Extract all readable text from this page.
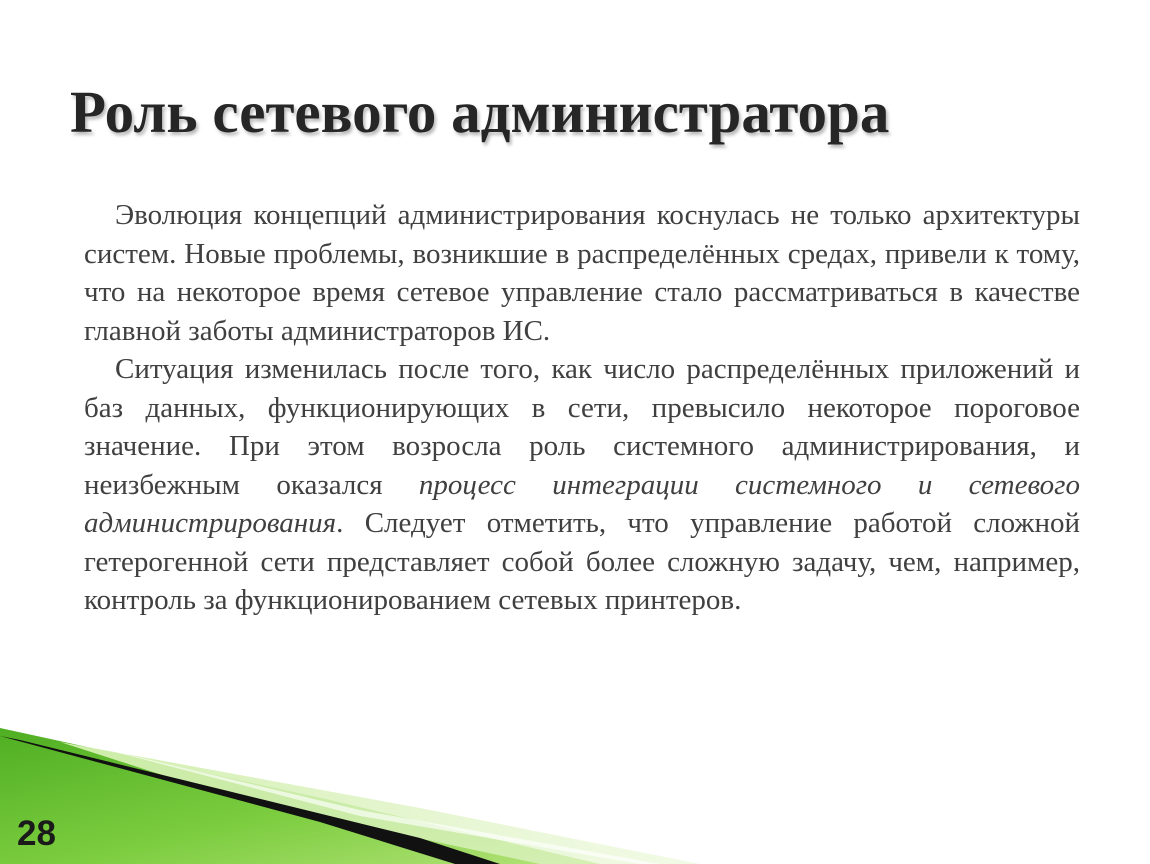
Роль сетевого администратора

Эволюция концепций администрирования коснулась не только архитектуры систем. Новые проблемы, возникшие в распределённых средах, привели к тому, что на некоторое время сетевое управление стало рассматриваться в качестве главной заботы администраторов ИС.

Ситуация изменилась после того, как число распределённых приложений и баз данных, функционирующих в сети, превысило некоторое пороговое значение. При этом возросла роль системного администрирования, и неизбежным оказался процесс интеграции системного и сетевого администрирования. Следует отметить, что управление работой сложной гетерогенной сети представляет собой более сложную задачу, чем, например, контроль за функционированием сетевых принтеров.

28
